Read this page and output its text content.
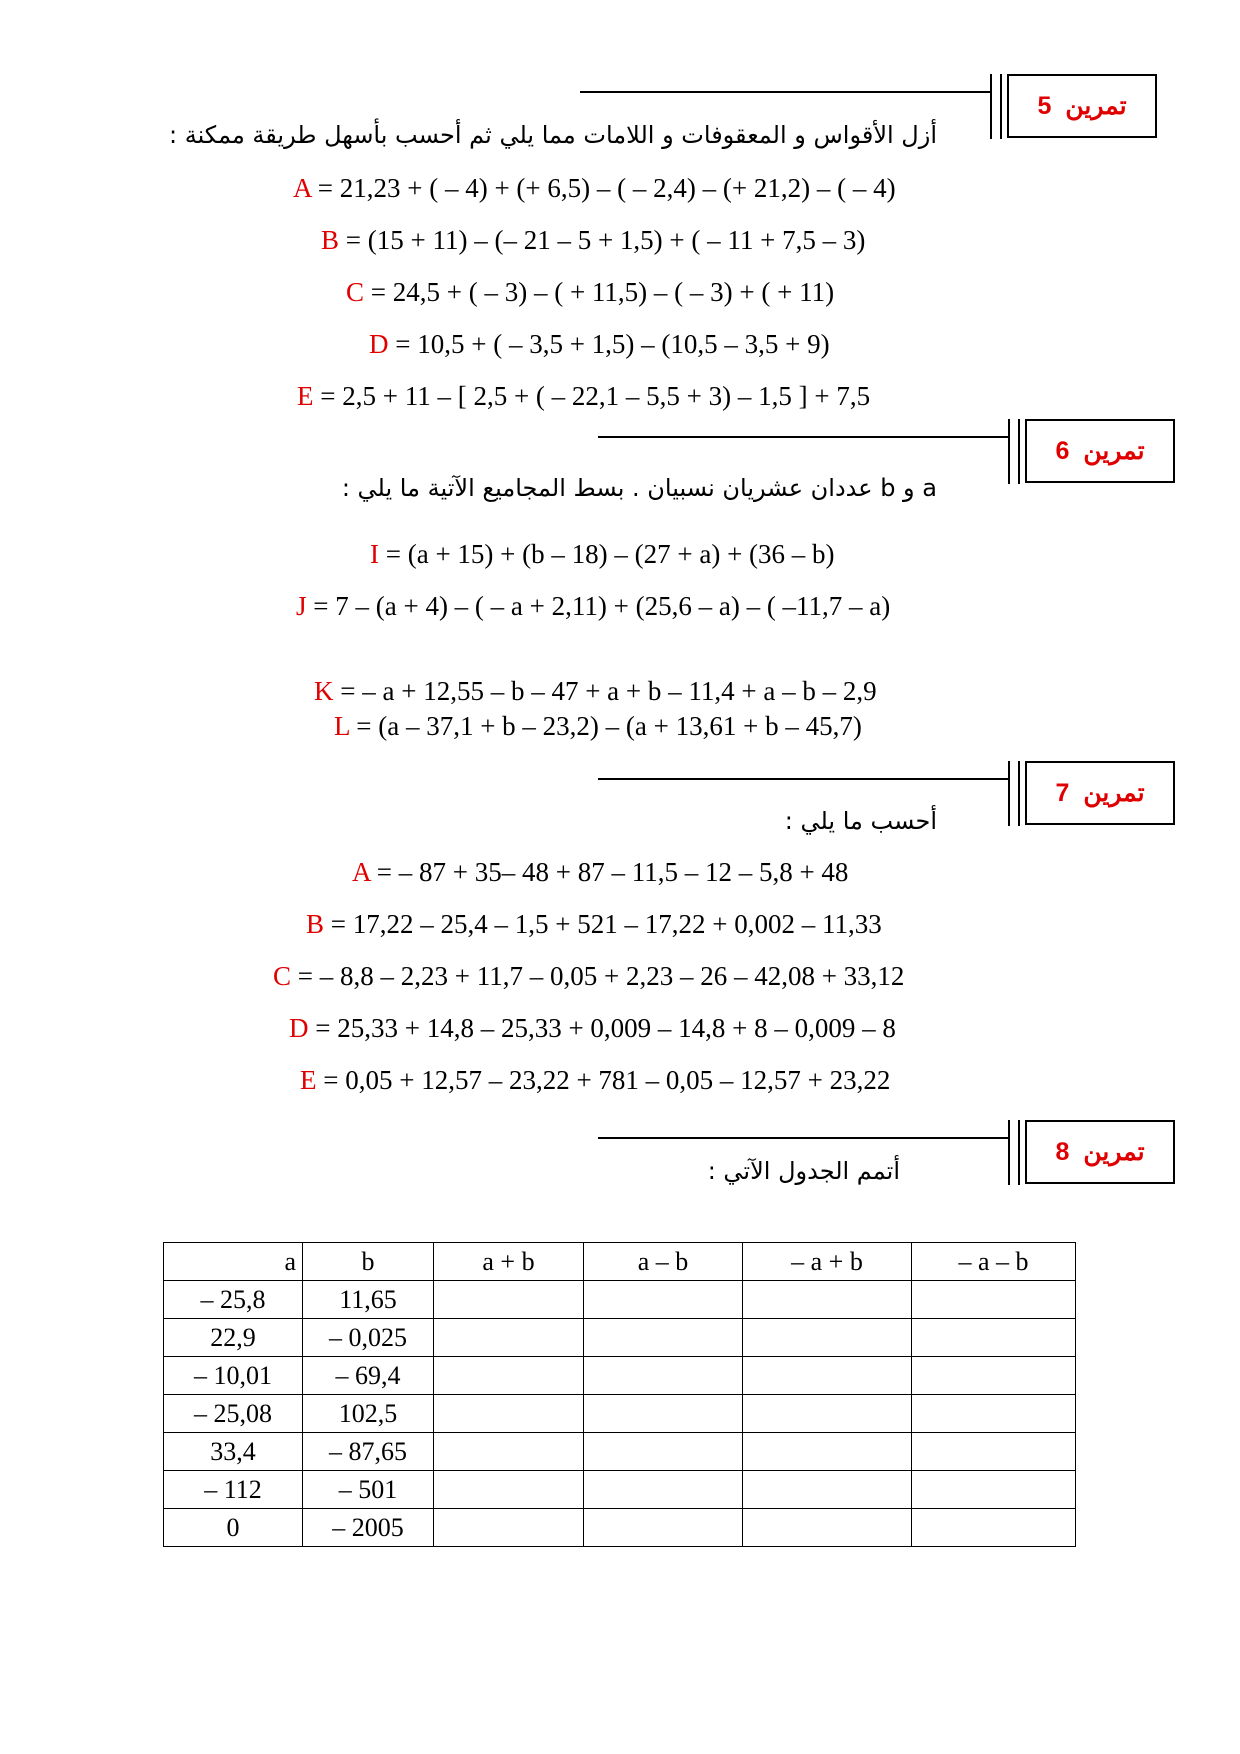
5 تمرين
أزل الأقواس و المعقوفات و اللامات مما يلي ثم أحسب بأسهل طريقة ممكنة :
A = 21,23 + ( – 4) + (+ 6,5) – ( – 2,4) – (+ 21,2) – ( – 4)
B = (15 + 11) – (– 21 – 5 + 1,5) + ( – 11 + 7,5 – 3)
C = 24,5 + ( – 3) – ( + 11,5) – ( – 3) + ( + 11)
D = 10,5 + ( – 3,5 + 1,5) – (10,5 – 3,5 + 9)
E = 2,5 + 11 – [ 2,5 + ( – 22,1 – 5,5 + 3) – 1,5 ] + 7,5
6 تمرين
a و b عددان عشريان نسبيان . بسط المجاميع الآتية ما يلي :
I = (a + 15) + (b – 18) – (27 + a) + (36 – b)
J = 7 – (a + 4) – ( – a + 2,11) + (25,6 – a) – ( –11,7 – a)
K = – a + 12,55 – b – 47 + a + b – 11,4 + a – b – 2,9
L = (a – 37,1 + b – 23,2) – (a + 13,61 + b – 45,7)
7 تمرين
أحسب ما يلي :
A = – 87 + 35– 48 + 87 – 11,5 – 12 – 5,8 + 48
B = 17,22 – 25,4 – 1,5 + 521 – 17,22 + 0,002 – 11,33
C = – 8,8 – 2,23 + 11,7 – 0,05 + 2,23 – 26 – 42,08 + 33,12
D = 25,33 + 14,8 – 25,33 + 0,009 – 14,8 + 8 – 0,009 – 8
E = 0,05 + 12,57 – 23,22 + 781 – 0,05 – 12,57 + 23,22
8 تمرين
أتمم الجدول الآتي :
a	b	a + b	a – b	– a + b	– a – b
– 25,8	11,65				
22,9	– 0,025				
– 10,01	– 69,4				
– 25,08	102,5				
33,4	– 87,65				
– 112	– 501				
0	– 2005				
